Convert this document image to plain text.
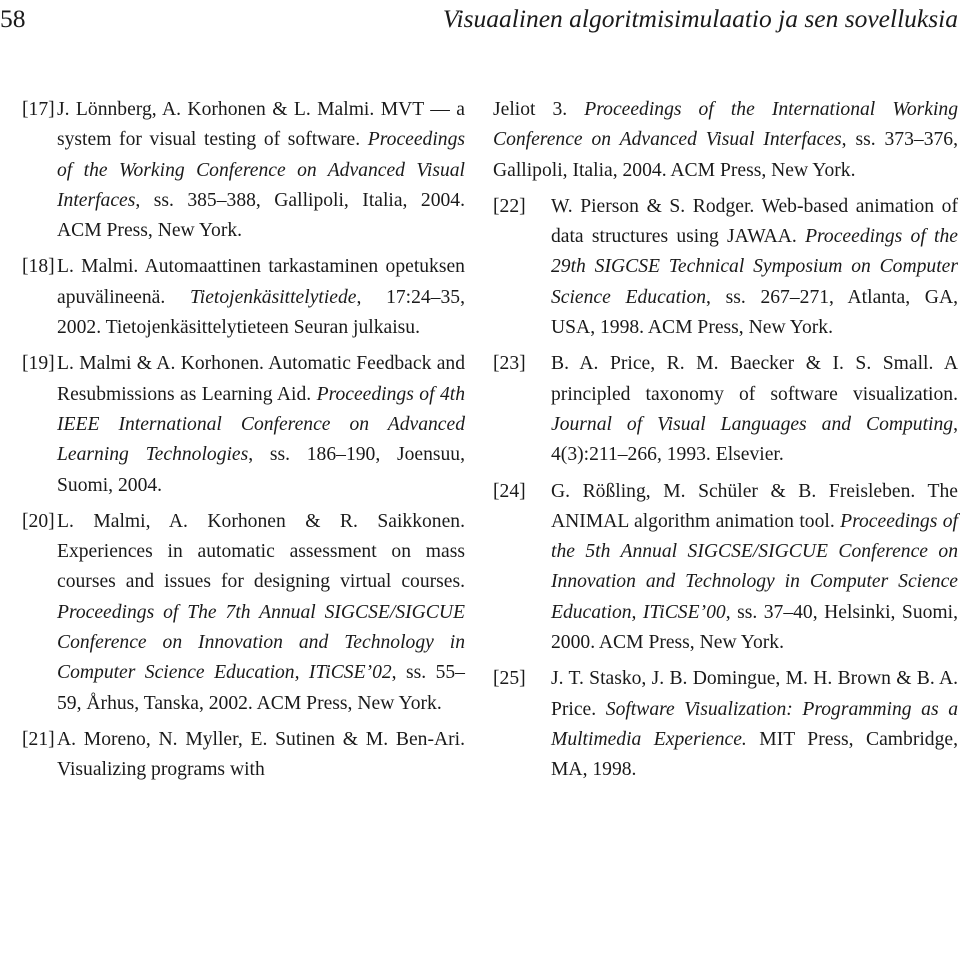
58	Visuaalinen algoritmisimulaatio ja sen sovelluksia
[17] J. Lönnberg, A. Korhonen & L. Malmi. MVT — a system for visual testing of software. Proceedings of the Working Conference on Advanced Visual Interfaces, ss. 385–388, Gallipoli, Italia, 2004. ACM Press, New York.
[18] L. Malmi. Automaattinen tarkastaminen opetuksen apuvälineenä. Tietojenkäsittelytiede, 17:24–35, 2002. Tietojenkäsittelytieteen Seuran julkaisu.
[19] L. Malmi & A. Korhonen. Automatic Feedback and Resubmissions as Learning Aid. Proceedings of 4th IEEE International Conference on Advanced Learning Technologies, ss. 186–190, Joensuu, Suomi, 2004.
[20] L. Malmi, A. Korhonen & R. Saikkonen. Experiences in automatic assessment on mass courses and issues for designing virtual courses. Proceedings of The 7th Annual SIGCSE/SIGCUE Conference on Innovation and Technology in Computer Science Education, ITiCSE’02, ss. 55–59, Århus, Tanska, 2002. ACM Press, New York.
[21] A. Moreno, N. Myller, E. Sutinen & M. Ben-Ari. Visualizing programs with
Jeliot 3. Proceedings of the International Working Conference on Advanced Visual Interfaces, ss. 373–376, Gallipoli, Italia, 2004. ACM Press, New York.
[22]	W. Pierson & S. Rodger. Web-based animation of data structures using JAWAA. Proceedings of the 29th SIGCSE Technical Symposium on Computer Science Education, ss. 267–271, Atlanta, GA, USA, 1998. ACM Press, New York.
[23]	B. A. Price, R. M. Baecker & I. S. Small. A principled taxonomy of software visualization. Journal of Visual Languages and Computing, 4(3):211–266, 1993. Elsevier.
[24]	G. Rößling, M. Schüler & B. Freisleben. The ANIMAL algorithm animation tool. Proceedings of the 5th Annual SIGCSE/SIGCUE Conference on Innovation and Technology in Computer Science Education, ITiCSE’00, ss. 37–40, Helsinki, Suomi, 2000. ACM Press, New York.
[25]	J. T. Stasko, J. B. Domingue, M. H. Brown & B. A. Price. Software Visualization: Programming as a Multimedia Experience. MIT Press, Cambridge, MA, 1998.
